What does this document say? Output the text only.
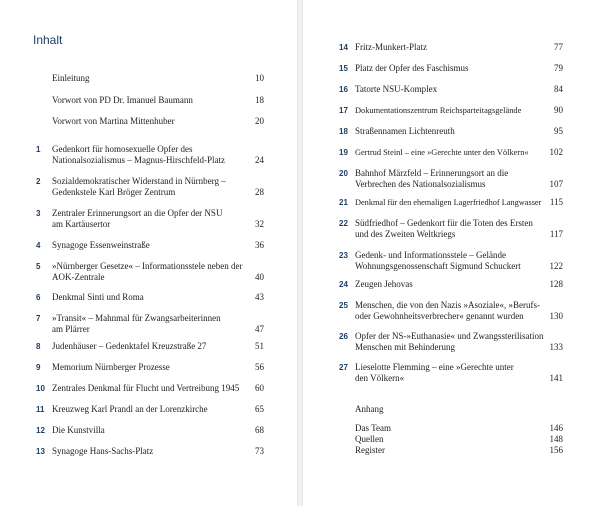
Inhalt
Einleitung	10
Vorwort von PD Dr. Imanuel Baumann	18
Vorwort von Martina Mittenhuber	20
1	Gedenkort für homosexuelle Opfer des
Nationalsozialismus – Magnus-Hirschfeld-Platz	24
2	Sozialdemokratischer Widerstand in Nürnberg –
Gedenkstele Karl Bröger Zentrum	28
3	Zentraler Erinnerungsort an die Opfer der NSU
am Kartäusertor	32
4	Synagoge Essenweinstraße	36
5	»Nürnberger Gesetze« – Informationsstele neben der
AOK-Zentrale	40
6	Denkmal Sinti und Roma	43
7	»Transit« – Mahnmal für Zwangsarbeiterinnen
am Plärrer	47
8	Judenhäuser – Gedenktafel Kreuzstraße 27	51
9	Memorium Nürnberger Prozesse	56
10 Zentrales Denkmal für Flucht und Vertreibung 1945	60
11 Kreuzweg Karl Prandl an der Lorenzkirche	65
12 Die Kunstvilla	68
13 Synagoge Hans-Sachs-Platz	73
14 Fritz-Munkert-Platz	77
15 Platz der Opfer des Faschismus	79
16 Tatorte NSU-Komplex	84
17 Dokumentationszentrum Reichsparteitagsgelände	90
18 Straßennamen Lichtenreuth	95
19 Gertrud Steinl – eine »Gerechte unter den Völkern«	102
20 Bahnhof Märzfeld – Erinnerungsort an die
Verbrechen des Nationalsozialismus	107
21 Denkmal für den ehemaligen Lagerfriedhof Langwasser 115
22 Südfriedhof – Gedenkort für die Toten des Ersten
und des Zweiten Weltkriegs	117
23 Gedenk- und Informationsstele – Gelände
Wohnungsgenossenschaft Sigmund Schuckert	122
24 Zeugen Jehovas	128
25 Menschen, die von den Nazis »Asoziale«, »Berufs-
oder Gewohnheitsverbrecher« genannt wurden	130
26 Opfer der NS-»Euthanasie« und Zwangssterilisation
Menschen mit Behinderung	133
27 Lieselotte Flemming – eine »Gerechte unter
den Völkern«	141
Anhang
Das Team	146
Quellen	148
Register	156
